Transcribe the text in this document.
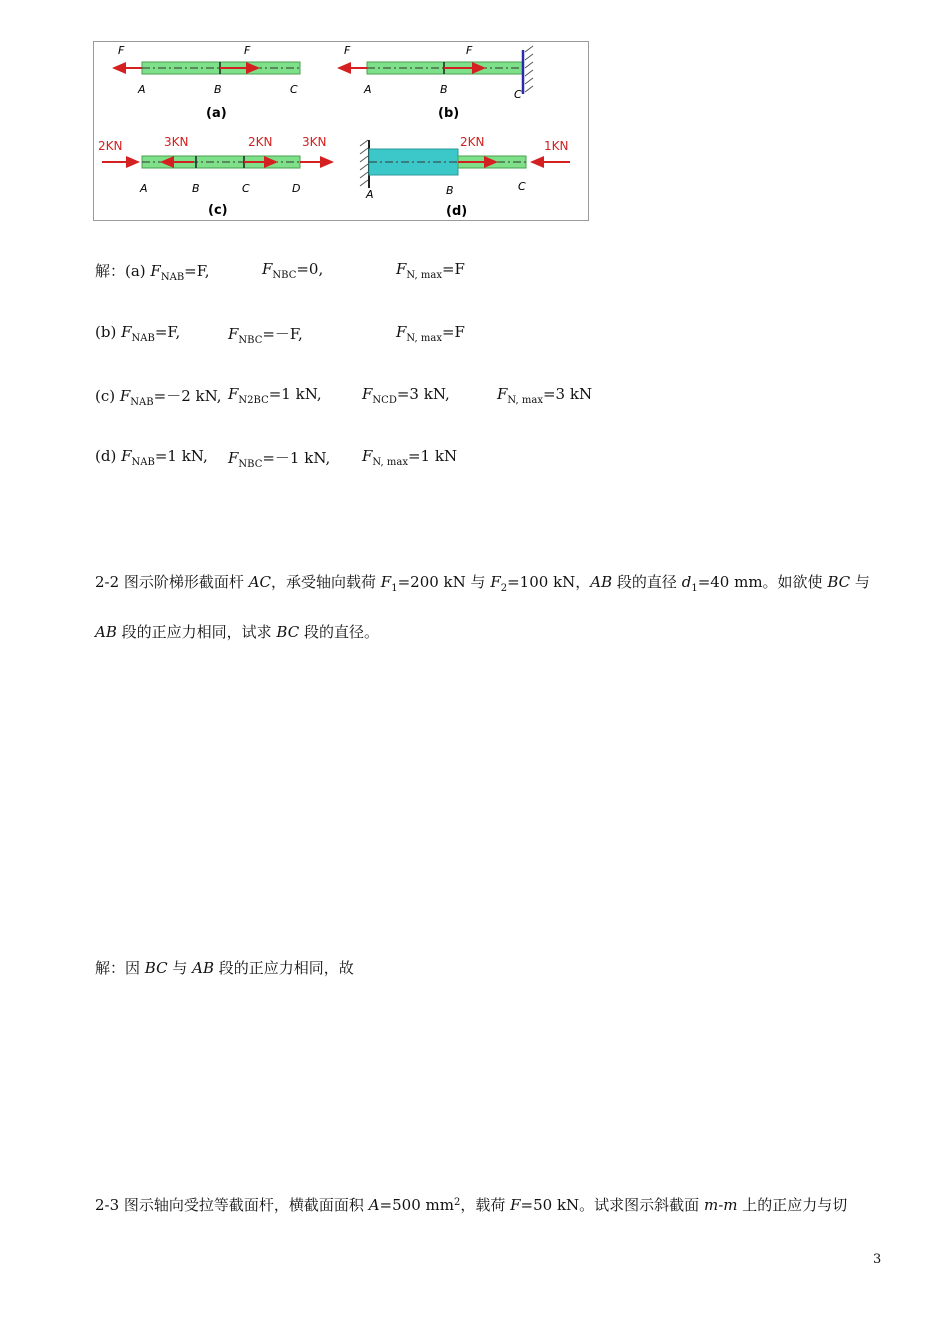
F	F
A	B	C
(a)
F	F
A	B	C
(b)
2KN	3KN	2KN 3KN
A	B	C	D
(c)
2KN	1KN
A	B	C
(d)
解：(a) $F_{NAB}=F$,	$F_{NBC}=0$,	$F_{N, max}=F$
(b) $F_{NAB}=F$,	$F_{NBC}=-F$,	$F_{N, max}=F$
(c) $F_{NAB}=-2$ kN, $F_{N2BC}=1$ kN,	$F_{NCD}=3$ kN,	$F_{N, max}=3$ kN
(d) $F_{NAB}=1$ kN, $F_{NBC}=-1$ kN, $F_{N, max}=1$ kN
2-2 图示阶梯形截面杆 AC，承受轴向载荷 $F_1=200$ kN 与 $F_2=100$ kN，AB 段的直径 $d_1=40$ mm。如欲使 BC 与
AB 段的正应力相同，试求 BC 段的直径。
解：因 BC 与 AB 段的正应力相同，故
2-3 图示轴向受拉等截面杆，横截面面积 A=500 $mm^2$，载荷 F=50 kN。试求图示斜截面 m-m 上的正应力与切
3
